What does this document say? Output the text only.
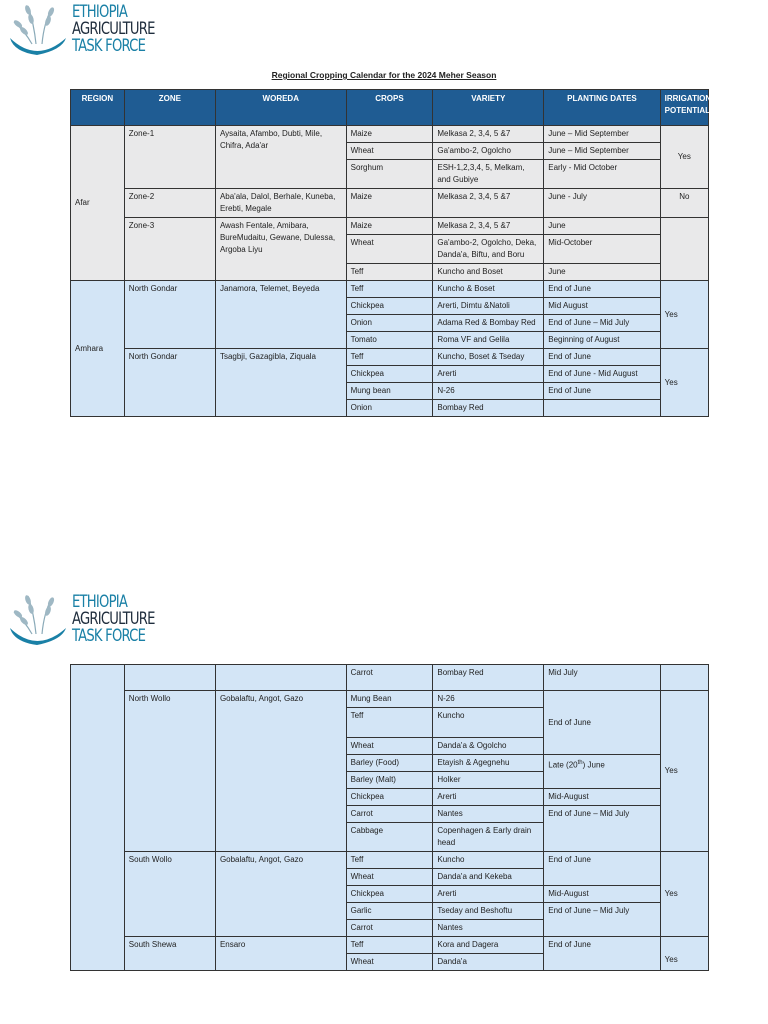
ETHIOPIA
AGRICULTURE
TASK FORCE
Regional Cropping Calendar for the 2024 Meher Season
REGION	ZONE	WOREDA	CROPS	VARIETY	PLANTING DATES	IRRIGATION POTENTIAL
Afar	Zone-1	Aysaita, Afambo, Dubti, Mile, Chifra, Ada'ar	Maize	Melkasa 2, 3,4, 5 &7	June – Mid September	Yes
			Wheat	Ga'ambo-2, Ogolcho	June – Mid September	
			Sorghum	ESH-1,2,3,4, 5, Melkam, and Gubiye	Early - Mid October	
	Zone-2	Aba'ala, Dalol, Berhale, Kuneba, Erebti, Megale	Maize	Melkasa 2, 3,4, 5 &7	June - July	No
	Zone-3	Awash Fentale, Amibara, BureMudaitu, Gewane, Dulessa, Argoba Liyu	Maize	Melkasa 2, 3,4, 5 &7	June	
			Wheat	Ga'ambo-2, Ogolcho, Deka, Danda'a, Biftu, and Boru	Mid-October	
			Teff	Kuncho and Boset	June	
Amhara	North Gondar	Janamora, Telemet, Beyeda	Teff	Kuncho & Boset	End of June	Yes
			Chickpea	Arerti, Dimtu &Natoli	Mid August	
			Onion	Adama Red & Bombay Red	End of June – Mid July	
			Tomato	Roma VF and Gelila	Beginning of August	
	North Gondar	Tsagbji, Gazagibla, Ziquala	Teff	Kuncho, Boset & Tseday	End of June	Yes
			Chickpea	Arerti	End of June - Mid August	
			Mung bean	N-26	End of June	
			Onion	Bombay Red		
ETHIOPIA
AGRICULTURE
TASK FORCE
			Carrot	Bombay Red	Mid July	
	North Wollo	Gobalaftu, Angot, Gazo	Mung Bean	N-26	End of June	Yes
			Teff	Kuncho		
			Wheat	Danda'a & Ogolcho		
			Barley (Food)	Etayish & Agegnehu	Late (20th) June	
			Barley (Malt)	Holker		
			Chickpea	Arerti	Mid-August	
			Carrot	Nantes	End of June – Mid July	
			Cabbage	Copenhagen & Early drain head		
	South Wollo	Gobalaftu, Angot, Gazo	Teff	Kuncho	End of June	Yes
			Wheat	Danda'a and Kekeba		
			Chickpea	Arerti	Mid-August	
			Garlic	Tseday and Beshoftu	End of June – Mid July	
			Carrot	Nantes		
	South Shewa	Ensaro	Teff	Kora and Dagera	End of June	Yes
			Wheat	Danda'a		
